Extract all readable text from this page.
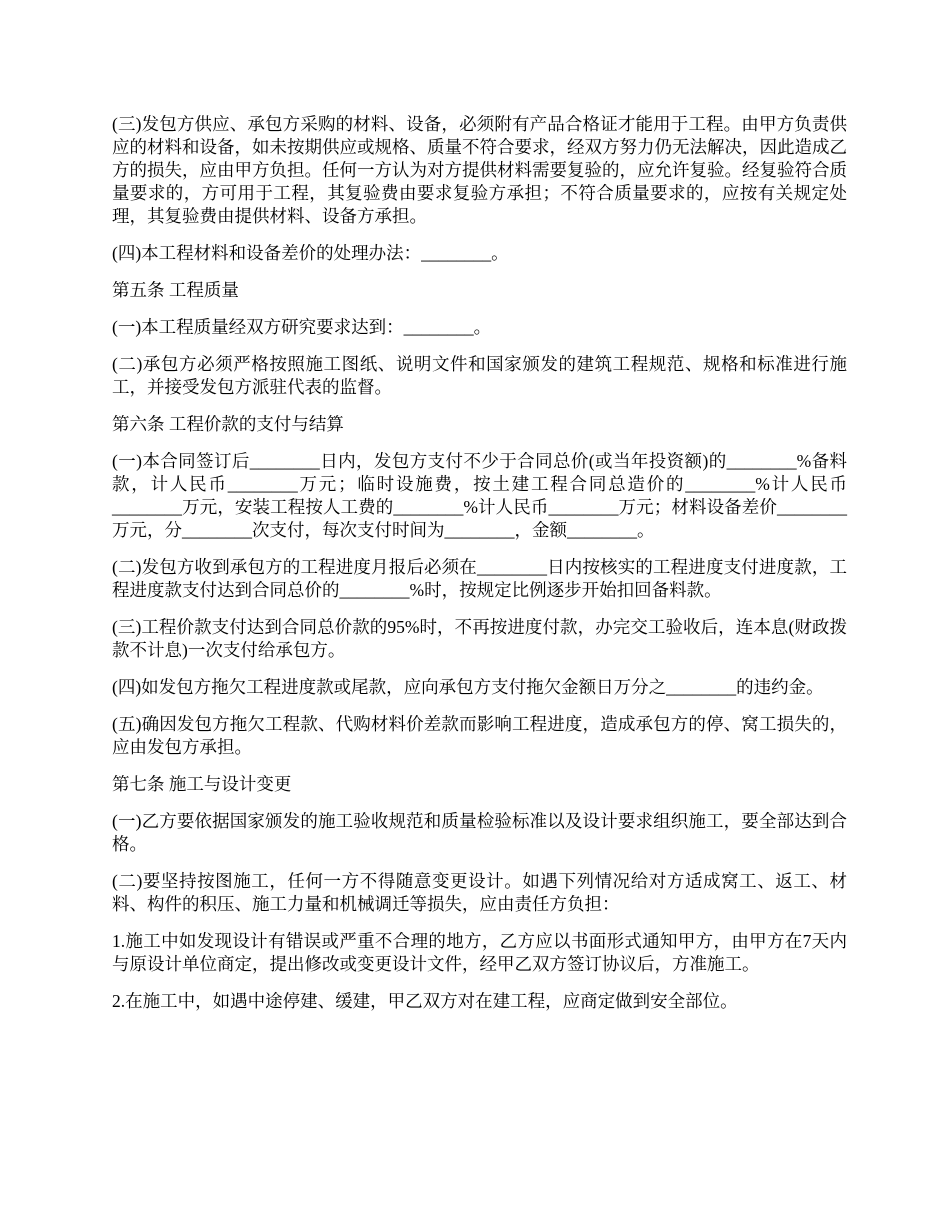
(三)发包方供应、承包方采购的材料、设备，必须附有产品合格证才能用于工程。由甲方负责供应的材料和设备，如未按期供应或规格、质量不符合要求，经双方努力仍无法解决，因此造成乙方的损失，应由甲方负担。任何一方认为对方提供材料需要复验的，应允许复验。经复验符合质量要求的，方可用于工程，其复验费由要求复验方承担；不符合质量要求的，应按有关规定处理，其复验费由提供材料、设备方承担。

(四)本工程材料和设备差价的处理办法：________。

第五条 工程质量

(一)本工程质量经双方研究要求达到：________。

(二)承包方必须严格按照施工图纸、说明文件和国家颁发的建筑工程规范、规格和标准进行施工，并接受发包方派驻代表的监督。

第六条 工程价款的支付与结算

(一)本合同签订后________日内，发包方支付不少于合同总价(或当年投资额)的________%备料款，计人民币________万元；临时设施费，按土建工程合同总造价的________%计人民币________万元，安装工程按人工费的________%计人民币________万元；材料设备差价________万元，分________次支付，每次支付时间为________，金额________。

(二)发包方收到承包方的工程进度月报后必须在________日内按核实的工程进度支付进度款，工程进度款支付达到合同总价的________%时，按规定比例逐步开始扣回备料款。

(三)工程价款支付达到合同总价款的95%时，不再按进度付款，办完交工验收后，连本息(财政拨款不计息)一次支付给承包方。

(四)如发包方拖欠工程进度款或尾款，应向承包方支付拖欠金额日万分之________的违约金。

(五)确因发包方拖欠工程款、代购材料价差款而影响工程进度，造成承包方的停、窝工损失的，应由发包方承担。

第七条 施工与设计变更

(一)乙方要依据国家颁发的施工验收规范和质量检验标准以及设计要求组织施工，要全部达到合格。

(二)要坚持按图施工，任何一方不得随意变更设计。如遇下列情况给对方适成窝工、返工、材料、构件的积压、施工力量和机械调迁等损失，应由责任方负担：

1.施工中如发现设计有错误或严重不合理的地方，乙方应以书面形式通知甲方，由甲方在7天内与原设计单位商定，提出修改或变更设计文件，经甲乙双方签订协议后，方准施工。

2.在施工中，如遇中途停建、缓建，甲乙双方对在建工程，应商定做到安全部位。
